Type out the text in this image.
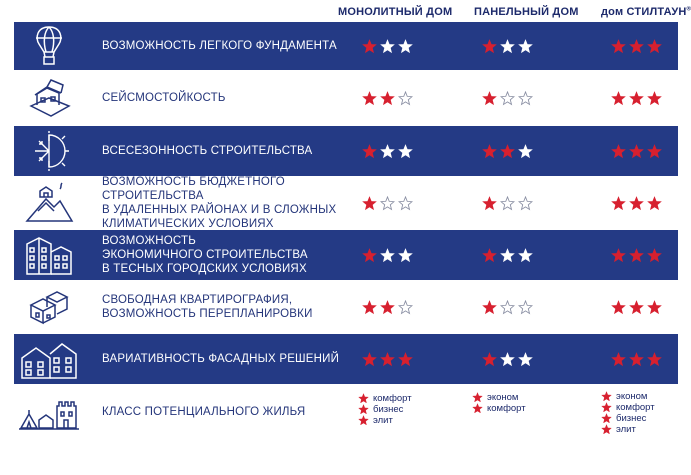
МОНОЛИТНЫЙ ДОМ ПАНЕЛЬНЫЙ ДОМ дом СТИЛТАУН®
ВОЗМОЖНОСТЬ ЛЕГКОГО ФУНДАМЕНТА
СЕЙСМОСТОЙКОСТЬ
ВСЕСЕЗОННОСТЬ СТРОИТЕЛЬСТВА
ВОЗМОЖНОСТЬ БЮДЖЕТНОГО СТРОИТЕЛЬСТВА
В УДАЛЕННЫХ РАЙОНАХ И В СЛОЖНЫХ
КЛИМАТИЧЕСКИХ УСЛОВИЯХ
ВОЗМОЖНОСТЬ
ЭКОНОМИЧНОГО СТРОИТЕЛЬСТВА
В ТЕСНЫХ ГОРОДСКИХ УСЛОВИЯХ
СВОБОДНАЯ КВАРТИРОГРАФИЯ,
ВОЗМОЖНОСТЬ ПЕРЕПЛАНИРОВКИ
ВАРИАТИВНОСТЬ ФАСАДНЫХ РЕШЕНИЙ
КЛАСС ПОТЕНЦИАЛЬНОГО ЖИЛЬЯ
комфорт
бизнес
элит
эконом
комфорт
эконом
комфорт
бизнес
элит
